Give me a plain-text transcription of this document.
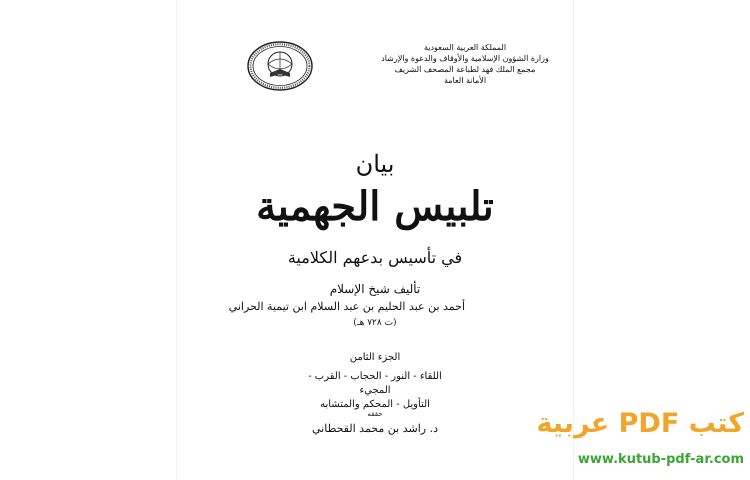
المملكة العربية السعودية
وزارة الشؤون الإسلامية والأوقاف والدعوة والإرشاد
مجمع الملك فهد لطباعة المصحف الشريف
الأمانة العامة
بيان
تلبيس الجهمية
في تأسيس بدعهم الكلامية
تأليف شيخ الإسلام
أحمد بن عبد الحليم بن عبد السلام ابن تيمية الحراني
(ت ٧٢٨ هـ)
الجزء الثامن
اللقاء - النور - الحجاب - القرب - المجيء
التأويل - المحكم والمتشابه
حققه
د. راشد بن محمد القحطاني	كتب PDF عربية
www.kutub-pdf-ar.com
